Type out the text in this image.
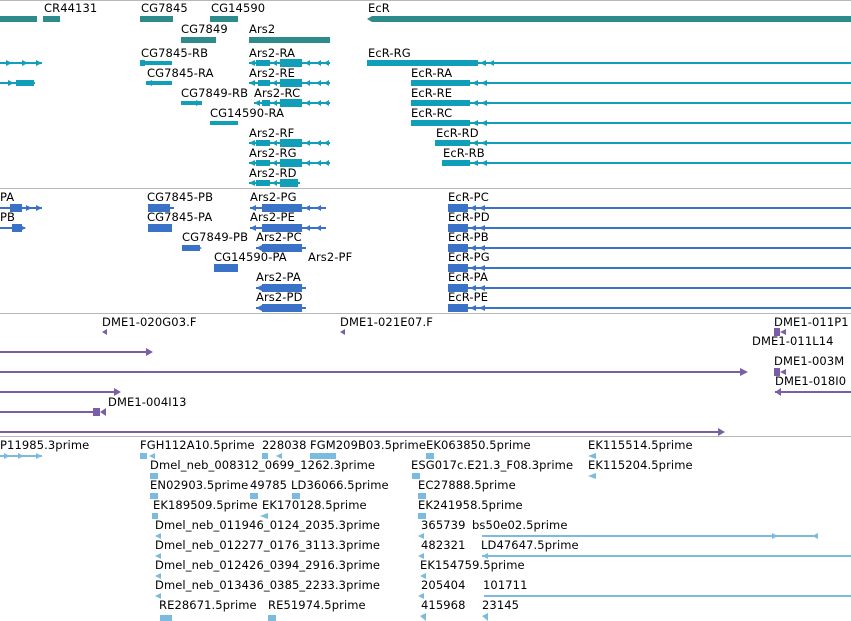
CR44131	CG7845 CG14590
CG7849 Ars2
EcR
CG7845-RB
CG7845-RA
CG7849-RB
CG14590-RA
Ars2-RA
Ars2-RE
Ars2-RC
Ars2-RF
Ars2-RG
Ars2-RD
EcR-RG
EcR-RA
EcR-RE
EcR-RC
EcR-RD
EcR-RB
PA
PB
CG7845-PB
CG7845-PA
CG7849-PB
CG14590-PA
Ars2-PG
Ars2-PE
Ars2-PC
Ars2-PF
Ars2-PA
Ars2-PD
EcR-PC
EcR-PD
EcR-PB
EcR-PG
EcR-PA
EcR-PE
DME1-020G03.F	DME1-021E07.F	DME1-011P1
DME1-011L14
DME1-003M
DME1-018I0
DME1-004I13
P11985.3prime	FGH112A10.5prime 228038 FGM209B03.5prime EK063850.5prime	EK115514.5prime
Dmel_neb_008312_0699_1262.3prime	ESG017c.E21.3_F08.3prime EK115204.5prime
EN02903.5prime 49785 LD36066.5prime	EC27888.5prime
EK189509.5prime EK170128.5prime	EK241958.5prime
Dmel_neb_011946_0124_2035.3prime	365739 bs50e02.5prime
Dmel_neb_012277_0176_3113.3prime	482321 LD47647.5prime
Dmel_neb_012426_0394_2916.3prime	EK154759.5prime
Dmel_neb_013436_0385_2233.3prime	205404 101711
RE28671.5prime RE51974.5prime	415968 23145
